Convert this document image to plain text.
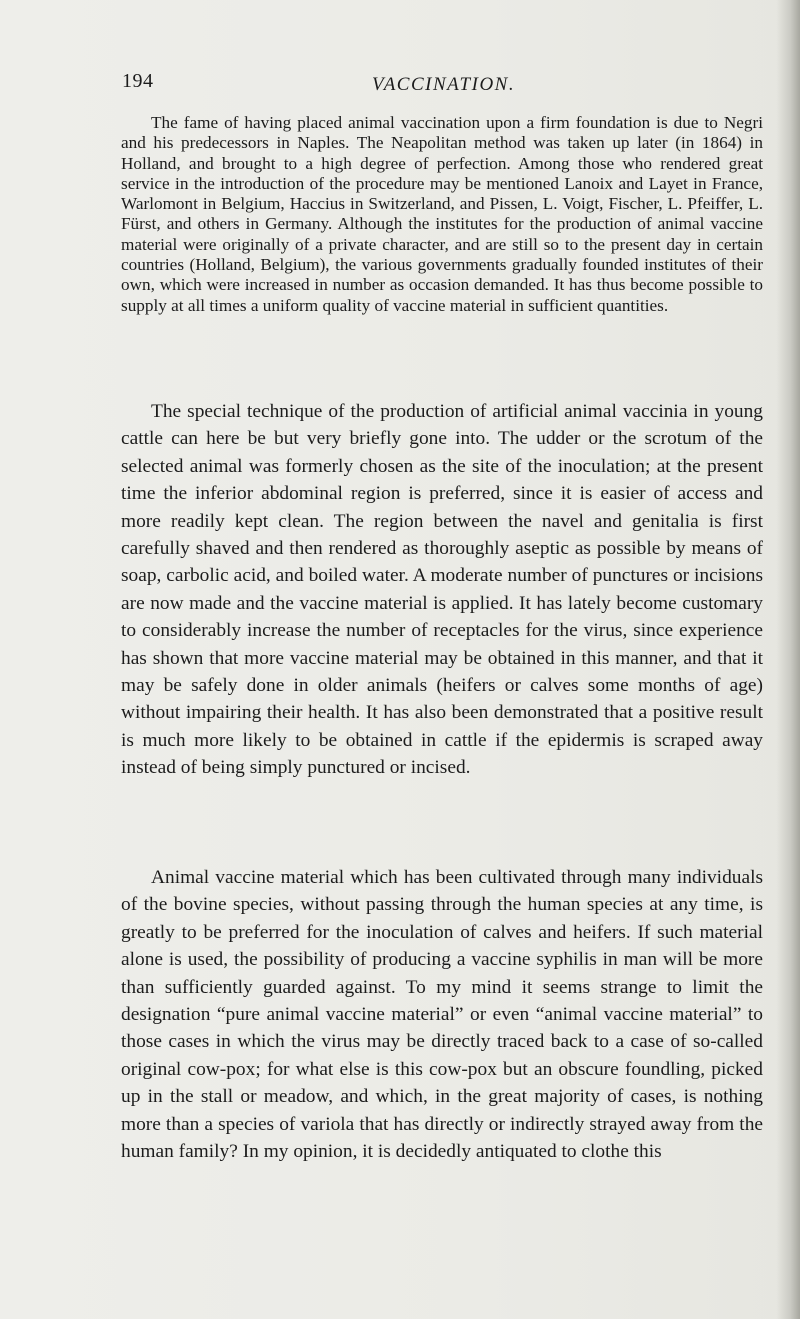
194	VACCINATION.

The fame of having placed animal vaccination upon a firm foundation is due to Negri and his predecessors in Naples. The Neapolitan method was taken up later (in 1864) in Holland, and brought to a high degree of perfection. Among those who rendered great service in the introduction of the procedure may be mentioned Lanoix and Layet in France, Warlomont in Belgium, Haccius in Switzerland, and Pissen, L. Voigt, Fischer, L. Pfeiffer, L. Fürst, and others in Germany. Although the institutes for the production of animal vaccine material were originally of a private character, and are still so to the present day in certain countries (Holland, Belgium), the various governments gradually founded institutes of their own, which were increased in number as occasion demanded. It has thus become possible to supply at all times a uniform quality of vaccine material in sufficient quantities.

The special technique of the production of artificial animal vaccinia in young cattle can here be but very briefly gone into. The udder or the scrotum of the selected animal was formerly chosen as the site of the inoculation; at the present time the inferior abdominal region is preferred, since it is easier of access and more readily kept clean. The region between the navel and genitalia is first carefully shaved and then rendered as thoroughly aseptic as possible by means of soap, carbolic acid, and boiled water. A moderate number of punctures or incisions are now made and the vaccine material is applied. It has lately become customary to considerably increase the number of receptacles for the virus, since experience has shown that more vaccine material may be obtained in this manner, and that it may be safely done in older animals (heifers or calves some months of age) without impairing their health. It has also been demonstrated that a positive result is much more likely to be obtained in cattle if the epidermis is scraped away instead of being simply punctured or incised.

Animal vaccine material which has been cultivated through many individuals of the bovine species, without passing through the human species at any time, is greatly to be preferred for the inoculation of calves and heifers. If such material alone is used, the possibility of producing a vaccine syphilis in man will be more than sufficiently guarded against. To my mind it seems strange to limit the designation “pure animal vaccine material” or even “animal vaccine material” to those cases in which the virus may be directly traced back to a case of so-called original cow-pox; for what else is this cow-pox but an obscure foundling, picked up in the stall or meadow, and which, in the great majority of cases, is nothing more than a species of variola that has directly or indirectly strayed away from the human family? In my opinion, it is decidedly antiquated to clothe this
